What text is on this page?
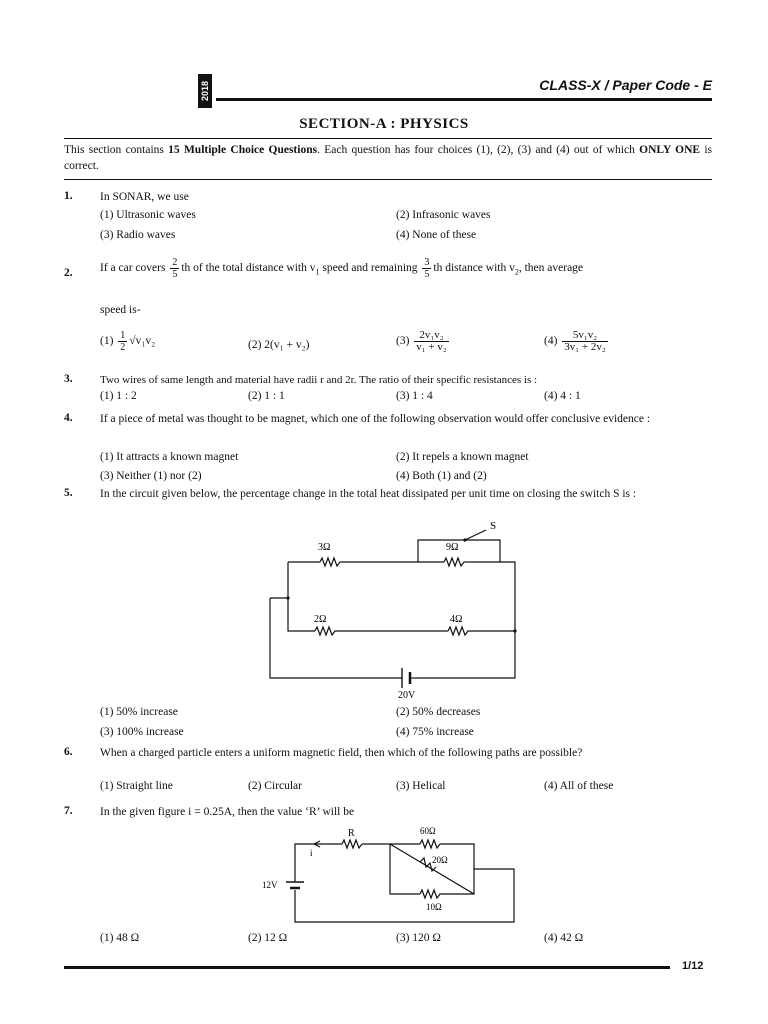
2018	CLASS-X / Paper Code - E
SECTION-A : PHYSICS
This section contains 15 Multiple Choice Questions. Each question has four choices (1), (2), (3) and (4) out of which ONLY ONE is correct.
1. In SONAR, we use
(1) Ultrasonic waves	(2) Infrasonic waves
(3) Radio waves	(4) None of these
2. If a car covers $\frac{2}{5}$ th of the total distance with $v_1$ speed and remaining $\frac{3}{5}$ th distance with $v_2$, then average
speed is-
$(1) \frac{1}{2} √v_1v_2$	(2) 2(v₁ + v₂)	$(3) \frac{\text{2v₁v₂}}{\text{v₁ + v₂}}$	$(4) \frac{\text{5v₁v₂}}{\text{3v₁ + 2v₂}}$
3. Two wires of same length and material have radii r and 2r. The ratio of their specific resistances is :
(1) 1 : 2	(2) 1 : 1	(3) 1 : 4	(4) 4 : 1
4. If a piece of metal was thought to be magnet, which one of the following observation would offer conclusive evidence :
(1) It attracts a known magnet	(2) It repels a known magnet
(3) Neither (1) nor (2)	(4) Both (1) and (2)
5. In the circuit given below, the percentage change in the total heat dissipated per unit time on closing the switch S is :
S
3Ω	9Ω
2Ω	4Ω
20V
(1) 50% increase	(2) 50% decreases
(3) 100% increase	(4) 75% increase
6. When a charged particle enters a uniform magnetic field, then which of the following paths are possible?
(1) Straight line	(2) Circular	(3) Helical	(4) All of these
7. In the given figure i = 0.25A, then the value ‘R’ will be
R
i
12V
60Ω
20Ω
10Ω
(1) 48 Ω	(2) 12 Ω	(3) 120 Ω	(4) 42 Ω
1/12
